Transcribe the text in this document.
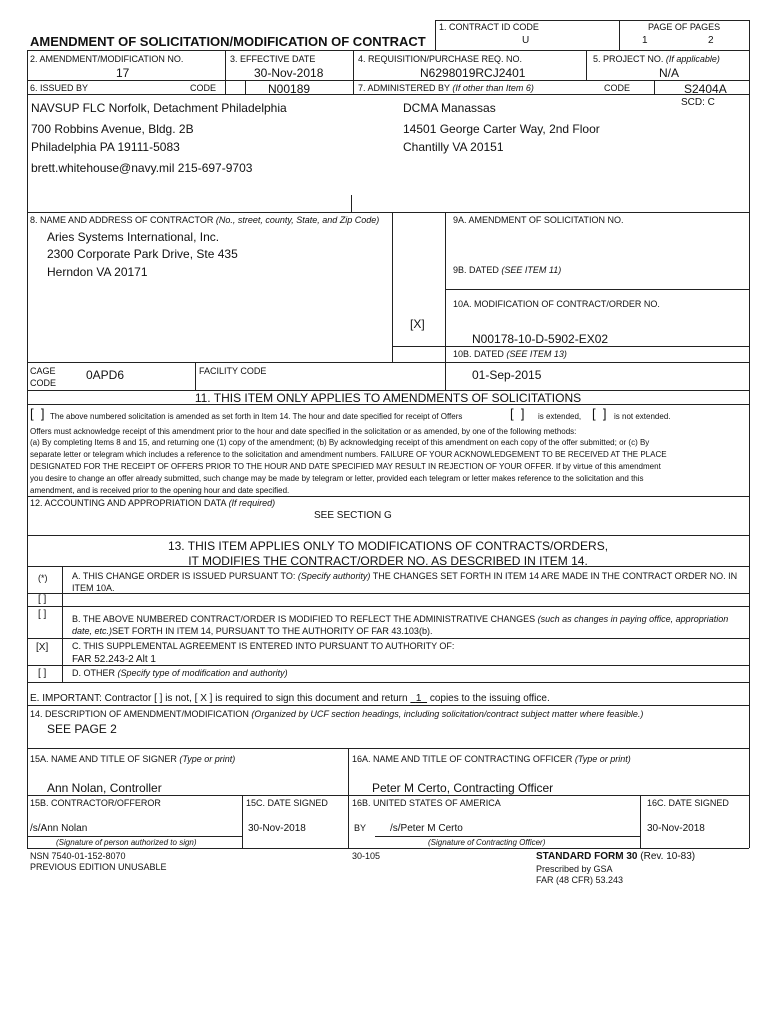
1. CONTRACT ID CODE
U
PAGE OF PAGES
1	2
AMENDMENT OF SOLICITATION/MODIFICATION OF CONTRACT
2. AMENDMENT/MODIFICATION NO.
17
3. EFFECTIVE DATE
30-Nov-2018
4. REQUISITION/PURCHASE REQ. NO.
N6298019RCJ2401
5. PROJECT NO. (If applicable)
N/A
6. ISSUED BY	CODE	N00189	7. ADMINISTERED BY (If other than Item 6)	CODE	S2404A
SCD: C
NAVSUP FLC Norfolk, Detachment Philadelphia
700 Robbins Avenue, Bldg. 2B
Philadelphia PA 19111-5083
brett.whitehouse@navy.mil 215-697-9703
DCMA Manassas
14501 George Carter Way, 2nd Floor
Chantilly VA 20151
8. NAME AND ADDRESS OF CONTRACTOR (No., street, county, State, and Zip Code)
Aries Systems International, Inc.
2300 Corporate Park Drive, Ste 435
Herndon VA 20171
9A. AMENDMENT OF SOLICITATION NO.
9B. DATED (SEE ITEM 11)
10A. MODIFICATION OF CONTRACT/ORDER NO.
[X]
N00178-10-D-5902-EX02
10B. DATED (SEE ITEM 13)
01-Sep-2015
CAGE
CODE
0APD6	FACILITY CODE
11. THIS ITEM ONLY APPLIES TO AMENDMENTS OF SOLICITATIONS
[  ] The above numbered solicitation is amended as set forth in Item 14. The hour and date specified for receipt of Offers	[  ] is extended, [  ] is not extended.
Offers must acknowledge receipt of this amendment prior to the hour and date specified in the solicitation or as amended, by one of the following methods:
(a) By completing Items 8 and 15, and returning one (1) copy of the amendment; (b) By acknowledging receipt of this amendment on each copy of the offer submitted; or (c) By
separate letter or telegram which includes a reference to the solicitation and amendment numbers. FAILURE OF YOUR ACKNOWLEDGEMENT TO BE RECEIVED AT THE PLACE
DESIGNATED FOR THE RECEIPT OF OFFERS PRIOR TO THE HOUR AND DATE SPECIFIED MAY RESULT IN REJECTION OF YOUR OFFER. If by virtue of this amendment
you desire to change an offer already submitted, such change may be made by telegram or letter, provided each telegram or letter makes reference to the solicitation and this
amendment, and is received prior to the opening hour and date specified.
12. ACCOUNTING AND APPROPRIATION DATA (If required)
SEE SECTION G
13. THIS ITEM APPLIES ONLY TO MODIFICATIONS OF CONTRACTS/ORDERS,
IT MODIFIES THE CONTRACT/ORDER NO. AS DESCRIBED IN ITEM 14.
(*)	A. THIS CHANGE ORDER IS ISSUED PURSUANT TO: (Specify authority) THE CHANGES SET FORTH IN ITEM 14 ARE MADE IN THE CONTRACT ORDER NO. IN
ITEM 10A.
[ ]
[ ]	B. THE ABOVE NUMBERED CONTRACT/ORDER IS MODIFIED TO REFLECT THE ADMINISTRATIVE CHANGES (such as changes in paying office, appropriation
date, etc.)SET FORTH IN ITEM 14, PURSUANT TO THE AUTHORITY OF FAR 43.103(b).
[X]	C. THIS SUPPLEMENTAL AGREEMENT IS ENTERED INTO PURSUANT TO AUTHORITY OF:
FAR 52.243-2 Alt 1
[ ]	D. OTHER (Specify type of modification and authority)
E. IMPORTANT: Contractor [ ] is not, [ X ] is required to sign this document and return 1 copies to the issuing office.
14. DESCRIPTION OF AMENDMENT/MODIFICATION (Organized by UCF section headings, including solicitation/contract subject matter where feasible.)
SEE PAGE 2
15A. NAME AND TITLE OF SIGNER (Type or print)
Ann Nolan, Controller
16A. NAME AND TITLE OF CONTRACTING OFFICER (Type or print)
Peter M Certo, Contracting Officer
15B. CONTRACTOR/OFFEROR	15C. DATE SIGNED	16B. UNITED STATES OF AMERICA	16C. DATE SIGNED
/s/Ann Nolan	30-Nov-2018	BY /s/Peter M Certo	30-Nov-2018
(Signature of person authorized to sign)	(Signature of Contracting Officer)
NSN 7540-01-152-8070
PREVIOUS EDITION UNUSABLE
30-105	STANDARD FORM 30 (Rev. 10-83)
Prescribed by GSA
FAR (48 CFR) 53.243
